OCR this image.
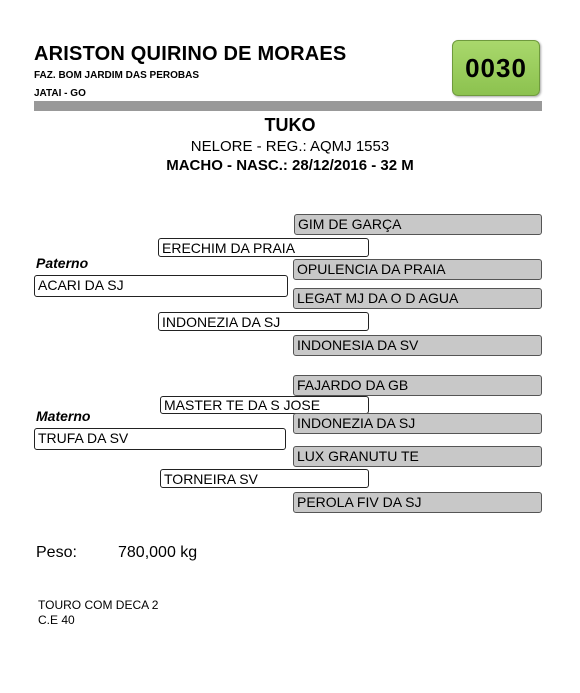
ARISTON QUIRINO DE MORAES
FAZ. BOM JARDIM DAS PEROBAS
JATAI - GO
0030
TUKO
NELORE - REG.: AQMJ 1553
MACHO - NASC.: 28/12/2016 - 32 M
GIM DE GARÇA
ERECHIM DA PRAIA
Paterno	OPULENCIA DA PRAIA
ACARI DA SJ
LEGAT MJ DA O D AGUA
INDONEZIA DA SJ
INDONESIA DA SV
FAJARDO DA GB
MASTER TE DA S JOSE
Materno	INDONEZIA DA SJ
TRUFA DA SV
LUX GRANUTU TE
TORNEIRA SV
PEROLA FIV DA SJ
Peso:	780,000 kg
TOURO COM DECA 2
C.E 40
